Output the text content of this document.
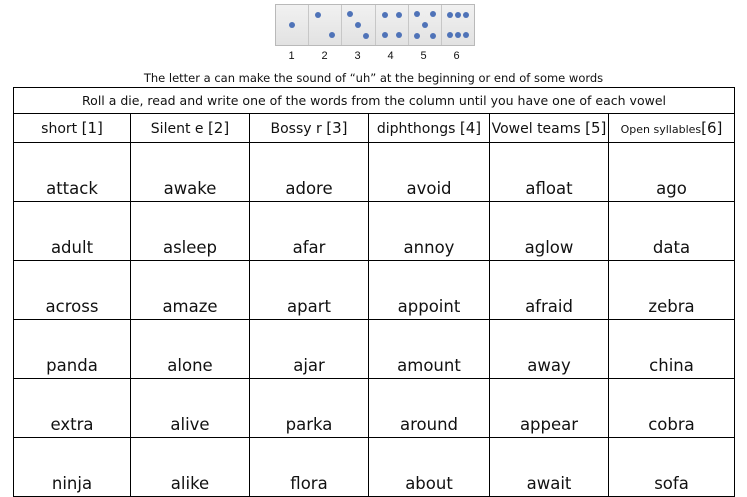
1	2	3	4	5	6
The letter a can make the sound of “uh” at the beginning or end of some words
Roll a die, read and write one of the words from the column until you have one of each vowel					
short [1]	Silent e [2]	Bossy r [3]	diphthongs [4]	Vowel teams [5]	Open syllables[6]
attack	awake	adore	avoid	afloat	ago
adult	asleep	afar	annoy	aglow	data
across	amaze	apart	appoint	afraid	zebra
panda	alone	ajar	amount	away	china
extra	alive	parka	around	appear	cobra
ninja	alike	flora	about	await	sofa
